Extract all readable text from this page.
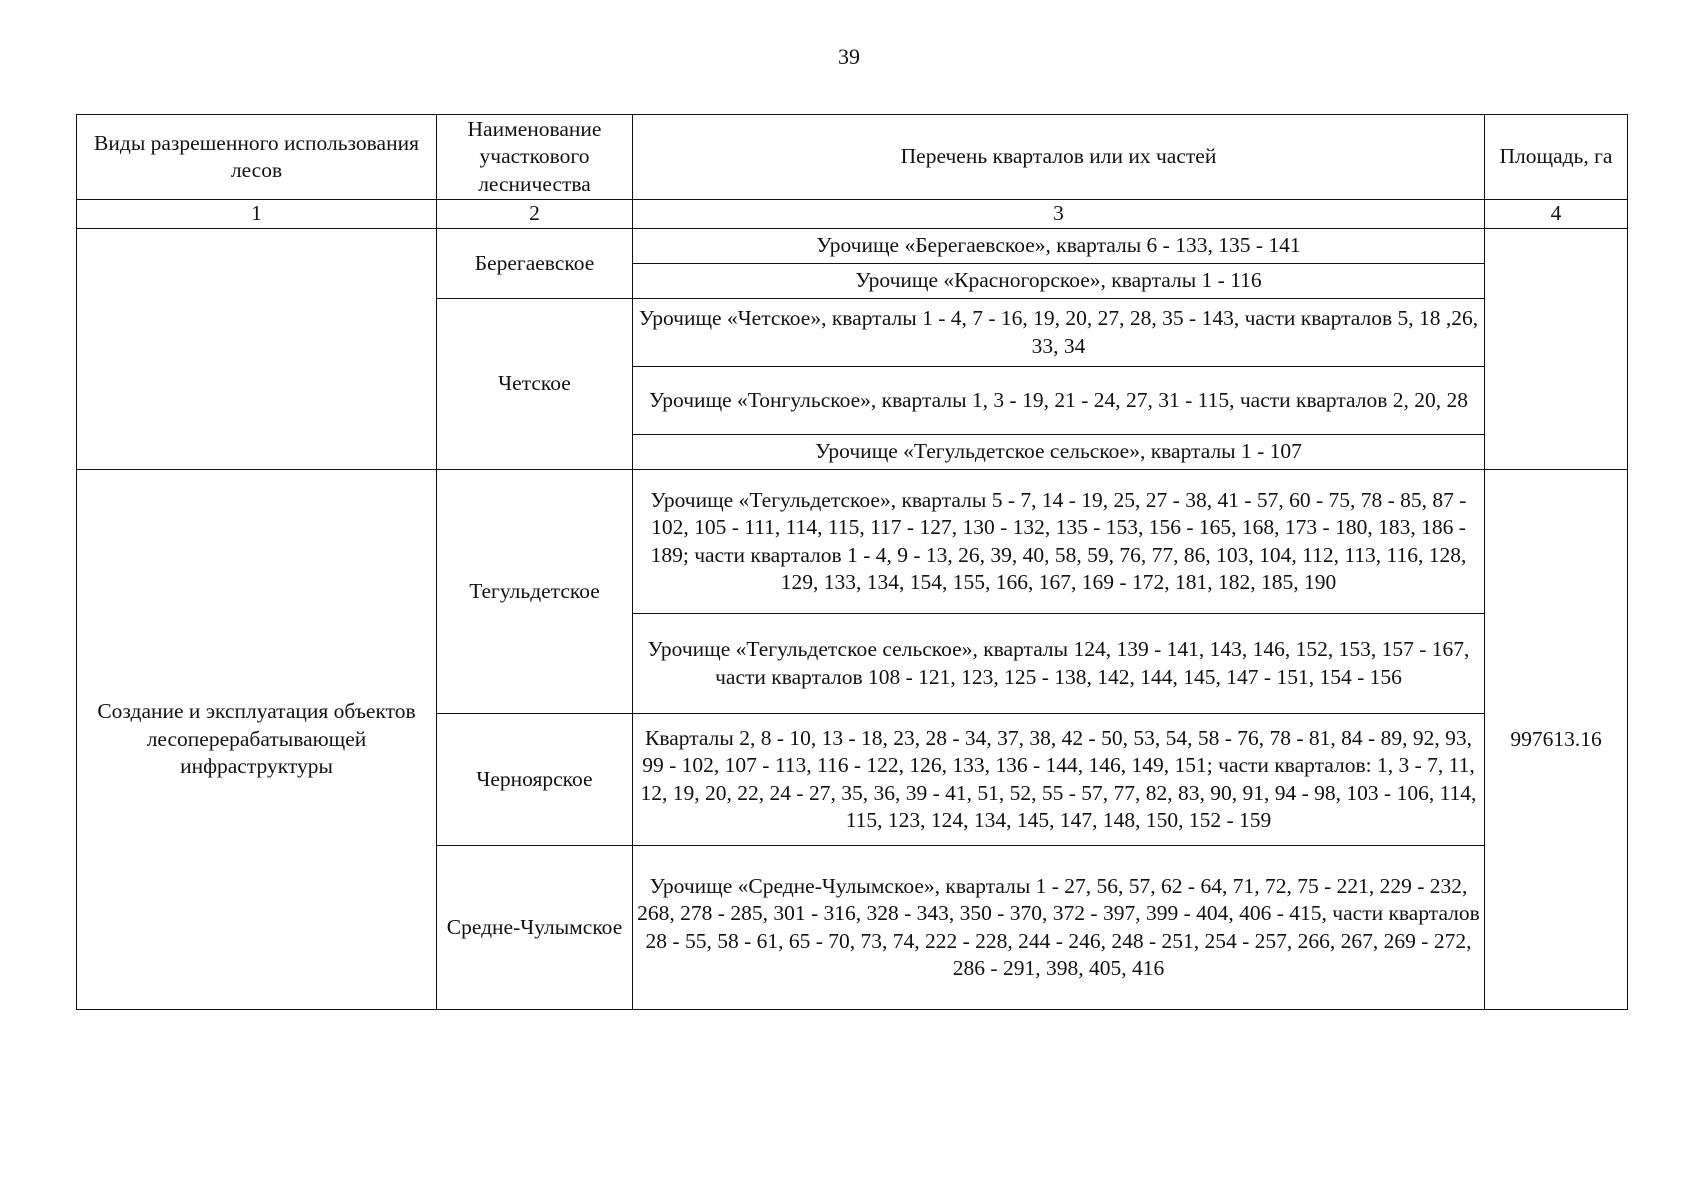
39
Виды разрешенного использования лесов	Наименование участкового лесничества	Перечень кварталов или их частей	Площадь, га
1	2	3	4
	Берегаевское	Урочище «Берегаевское», кварталы 6 - 133, 135 - 141	
		Урочище «Красногорское», кварталы 1 - 116	
	Четское	Урочище «Четское», кварталы 1 - 4, 7 - 16, 19, 20, 27, 28, 35 - 143, части кварталов 5, 18 ,26, 33, 34	
		Урочище «Тонгульское», кварталы 1, 3 - 19, 21 - 24, 27, 31 - 115, части кварталов 2, 20, 28	
		Урочище «Тегульдетское сельское», кварталы 1 - 107	
Создание и эксплуатация объектов лесоперерабатывающей инфраструктуры	Тегульдетское	Урочище «Тегульдетское», кварталы 5 - 7, 14 - 19, 25, 27 - 38, 41 - 57, 60 - 75, 78 - 85, 87 - 102, 105 - 111, 114, 115, 117 - 127, 130 - 132, 135 - 153, 156 - 165, 168, 173 - 180, 183, 186 - 189; части кварталов 1 - 4, 9 - 13, 26, 39, 40, 58, 59, 76, 77, 86, 103, 104, 112, 113, 116, 128, 129, 133, 134, 154, 155, 166, 167, 169 - 172, 181, 182, 185, 190	997613.16
		Урочище «Тегульдетское сельское», кварталы 124, 139 - 141, 143, 146, 152, 153, 157 - 167, части кварталов 108 - 121, 123, 125 - 138, 142, 144, 145, 147 - 151, 154 - 156	
	Черноярское	Кварталы 2, 8 - 10, 13 - 18, 23, 28 - 34, 37, 38, 42 - 50, 53, 54, 58 - 76, 78 - 81, 84 - 89, 92, 93, 99 - 102, 107 - 113, 116 - 122, 126, 133, 136 - 144, 146, 149, 151; части кварталов: 1, 3 - 7, 11, 12, 19, 20, 22, 24 - 27, 35, 36, 39 - 41, 51, 52, 55 - 57, 77, 82, 83, 90, 91, 94 - 98, 103 - 106, 114, 115, 123, 124, 134, 145, 147, 148, 150, 152 - 159	
	Средне-Чулымское	Урочище «Средне-Чулымское», кварталы 1 - 27, 56, 57, 62 - 64, 71, 72, 75 - 221, 229 - 232, 268, 278 - 285, 301 - 316, 328 - 343, 350 - 370, 372 - 397, 399 - 404, 406 - 415, части кварталов 28 - 55, 58 - 61, 65 - 70, 73, 74, 222 - 228, 244 - 246, 248 - 251, 254 - 257, 266, 267, 269 - 272, 286 - 291, 398, 405, 416	
